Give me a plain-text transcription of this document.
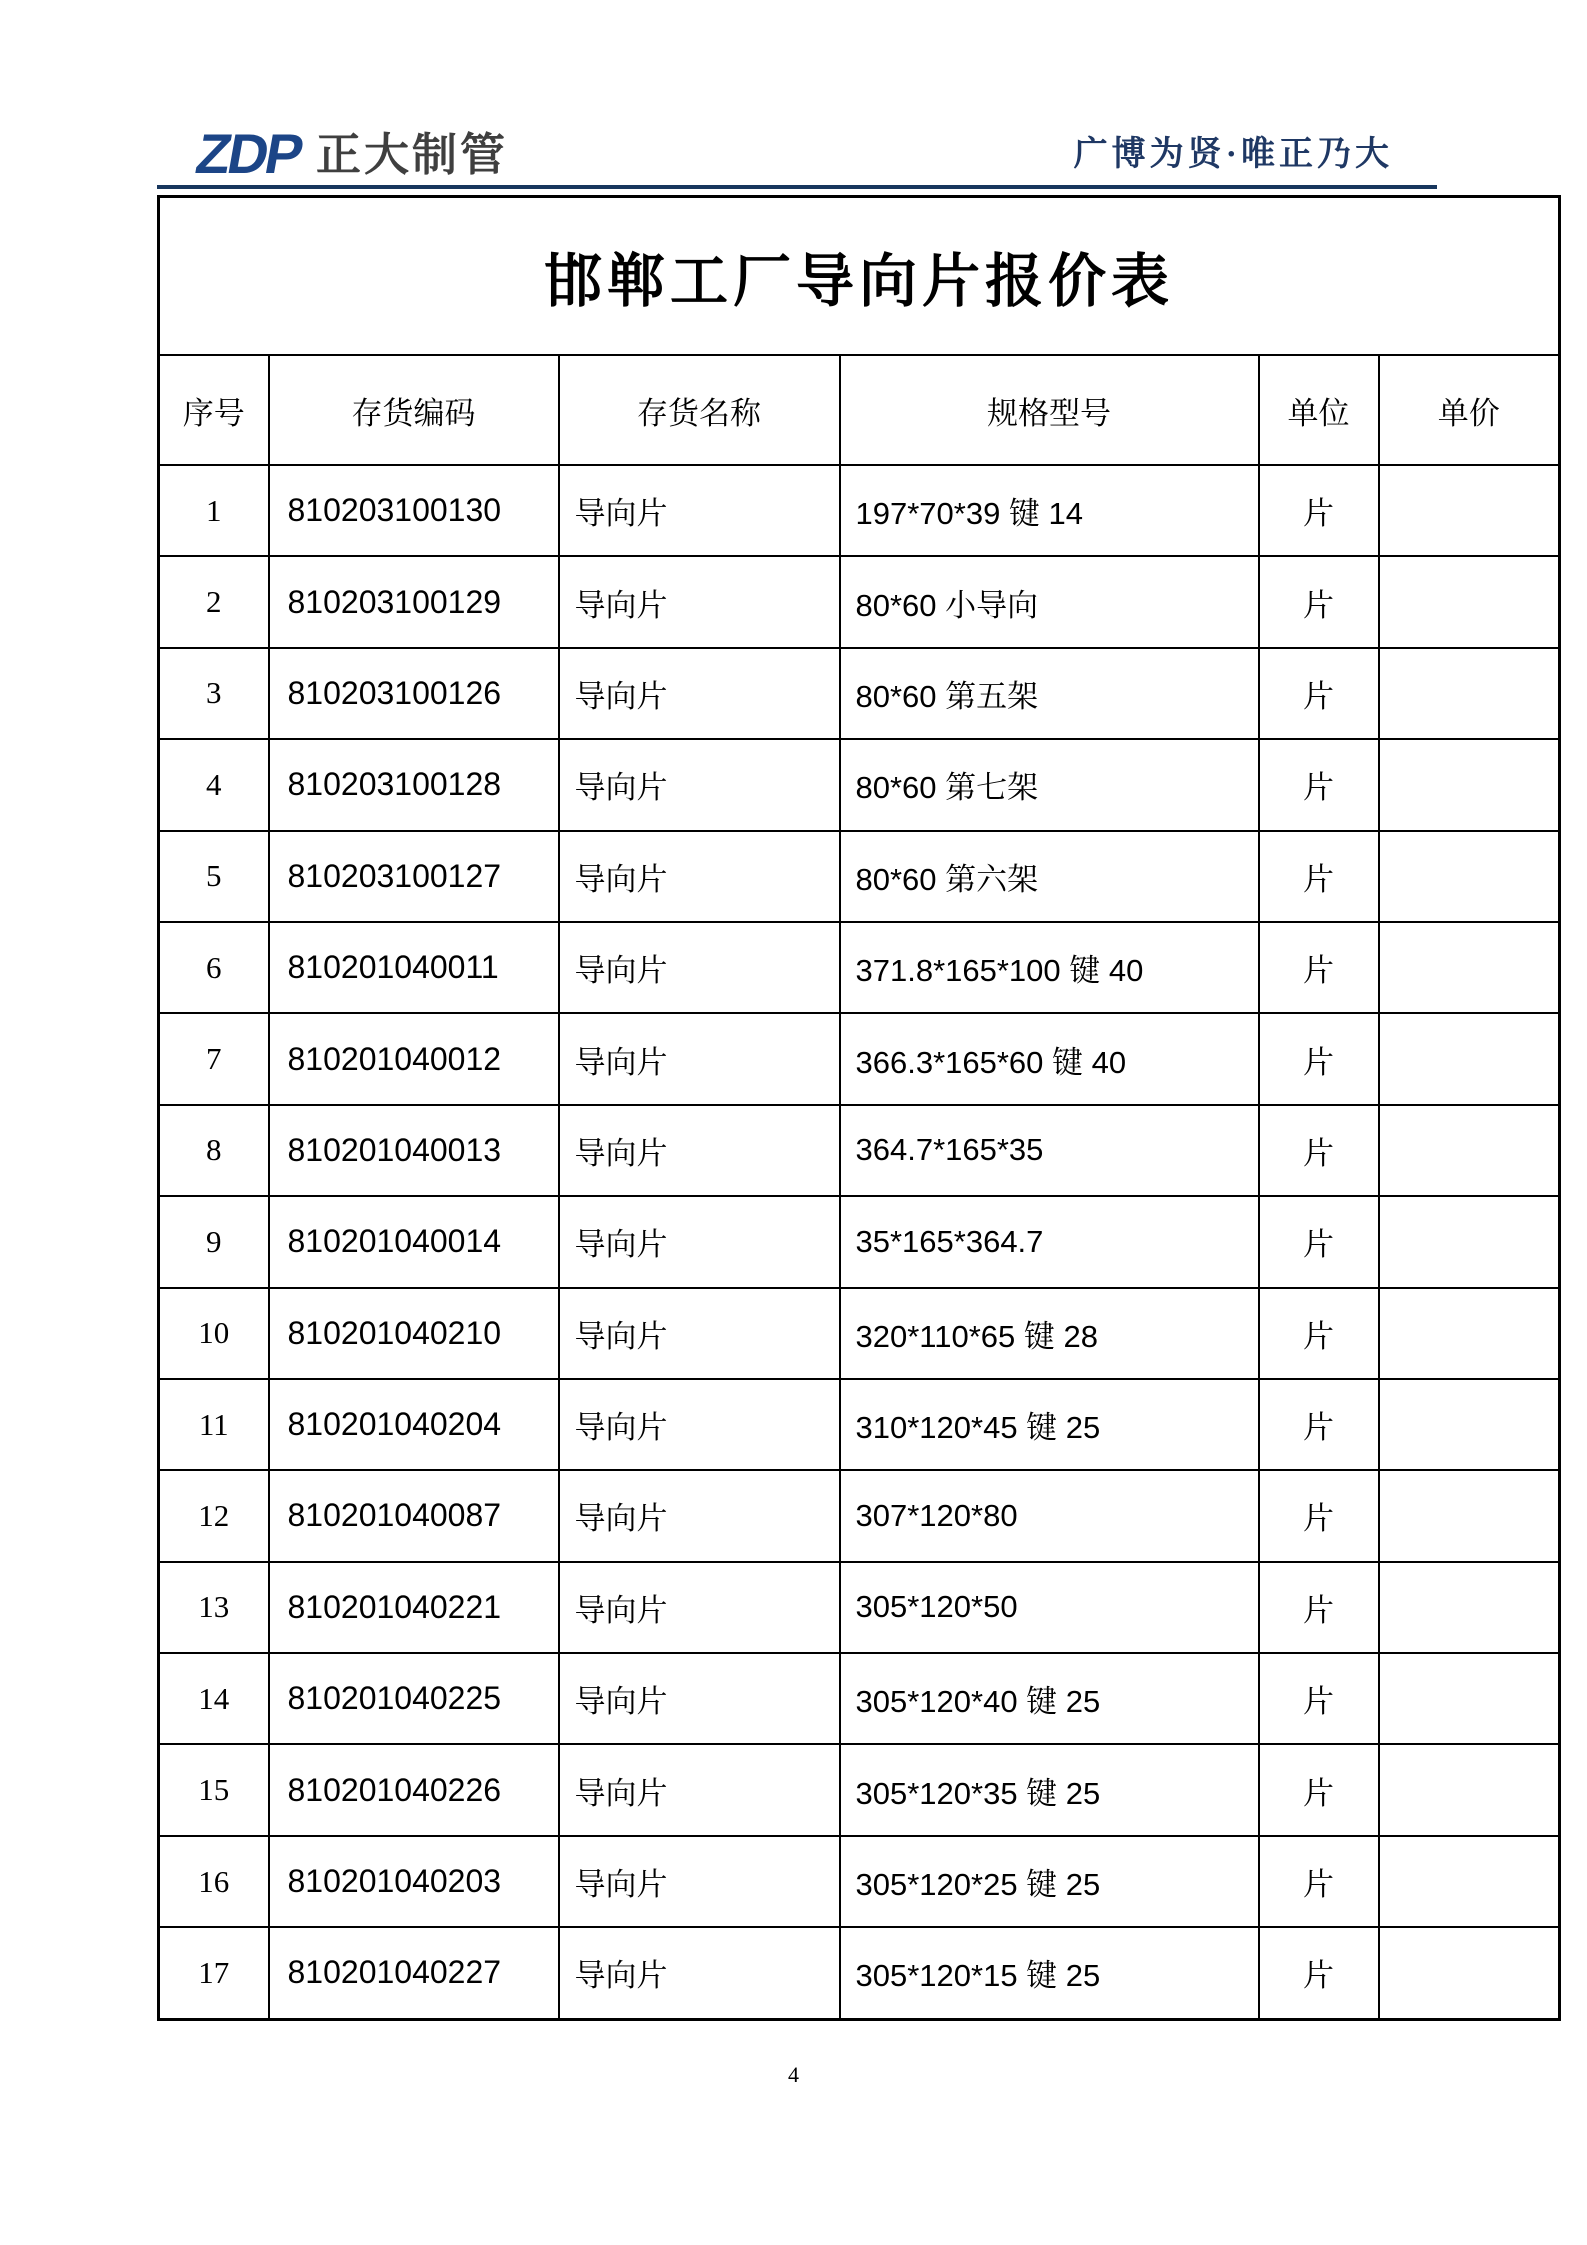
ZDP 正大制管	广博为贤·唯正乃大
邯郸工厂导向片报价表					
序号	存货编码	存货名称	规格型号	单位	单价
1	810203100130	导向片	197*70*39 键 14	片	
2	810203100129	导向片	80*60 小导向	片	
3	810203100126	导向片	80*60 第五架	片	
4	810203100128	导向片	80*60 第七架	片	
5	810203100127	导向片	80*60 第六架	片	
6	810201040011	导向片	371.8*165*100 键 40	片	
7	810201040012	导向片	366.3*165*60 键 40	片	
8	810201040013	导向片	364.7*165*35	片	
9	810201040014	导向片	35*165*364.7	片	
10	810201040210	导向片	320*110*65 键 28	片	
11	810201040204	导向片	310*120*45 键 25	片	
12	810201040087	导向片	307*120*80	片	
13	810201040221	导向片	305*120*50	片	
14	810201040225	导向片	305*120*40 键 25	片	
15	810201040226	导向片	305*120*35 键 25	片	
16	810201040203	导向片	305*120*25 键 25	片	
17	810201040227	导向片	305*120*15 键 25	片	
4
